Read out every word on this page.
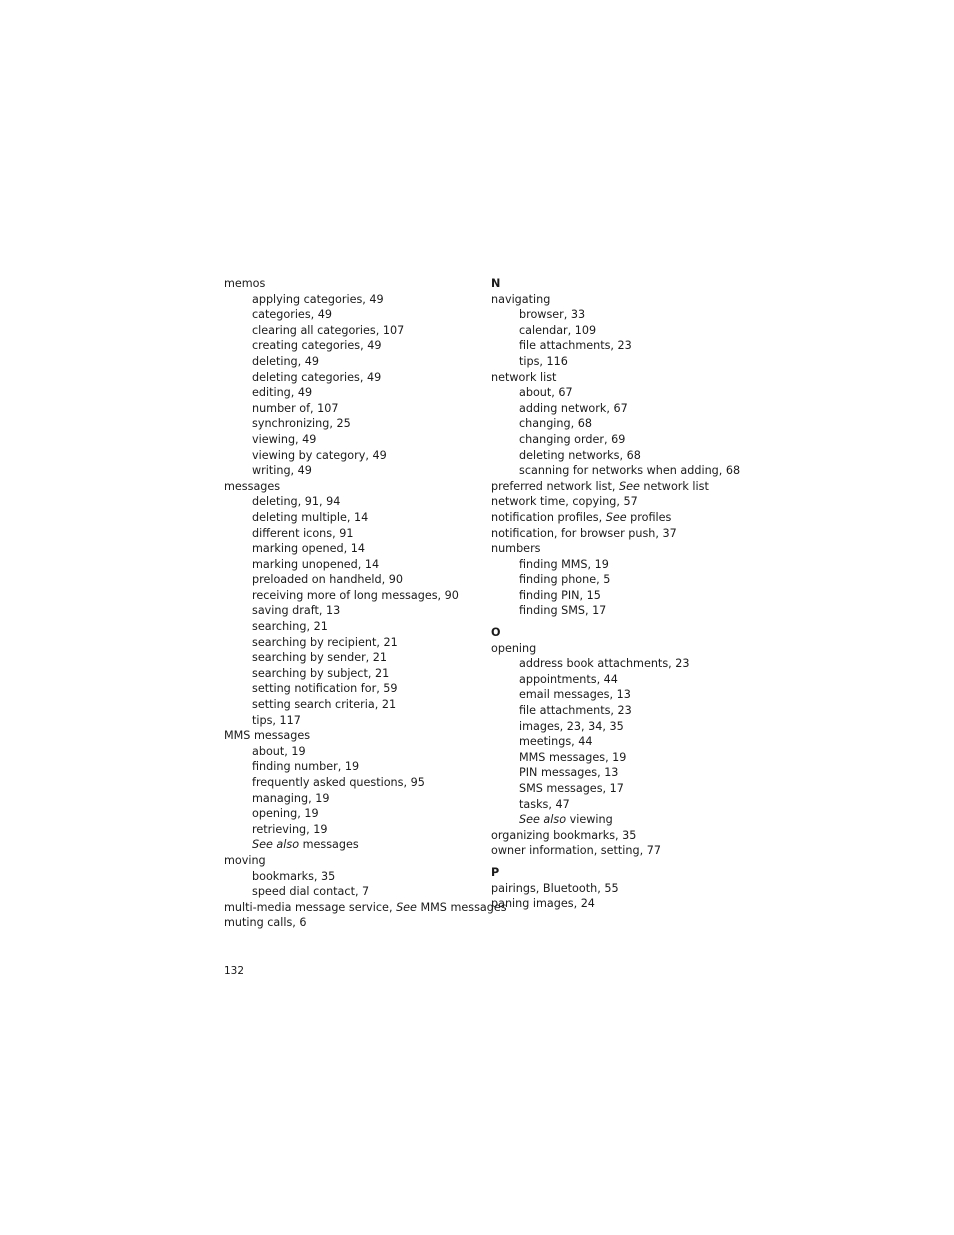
memos
applying categories, 49
categories, 49
clearing all categories, 107
creating categories, 49
deleting, 49
deleting categories, 49
editing, 49
number of, 107
synchronizing, 25
viewing, 49
viewing by category, 49
writing, 49
messages
deleting, 91, 94
deleting multiple, 14
different icons, 91
marking opened, 14
marking unopened, 14
preloaded on handheld, 90
receiving more of long messages, 90
saving draft, 13
searching, 21
searching by recipient, 21
searching by sender, 21
searching by subject, 21
setting notification for, 59
setting search criteria, 21
tips, 117
MMS messages
about, 19
finding number, 19
frequently asked questions, 95
managing, 19
opening, 19
retrieving, 19
See also messages
moving
bookmarks, 35
speed dial contact, 7
multi-media message service, See MMS messages
muting calls, 6
N
navigating
browser, 33
calendar, 109
file attachments, 23
tips, 116
network list
about, 67
adding network, 67
changing, 68
changing order, 69
deleting networks, 68
scanning for networks when adding, 68
preferred network list, See network list
network time, copying, 57
notification profiles, See profiles
notification, for browser push, 37
numbers
finding MMS, 19
finding phone, 5
finding PIN, 15
finding SMS, 17
O
opening
address book attachments, 23
appointments, 44
email messages, 13
file attachments, 23
images, 23, 34, 35
meetings, 44
MMS messages, 19
PIN messages, 13
SMS messages, 17
tasks, 47
See also viewing
organizing bookmarks, 35
owner information, setting, 77
P
pairings, Bluetooth, 55
paning images, 24
132
